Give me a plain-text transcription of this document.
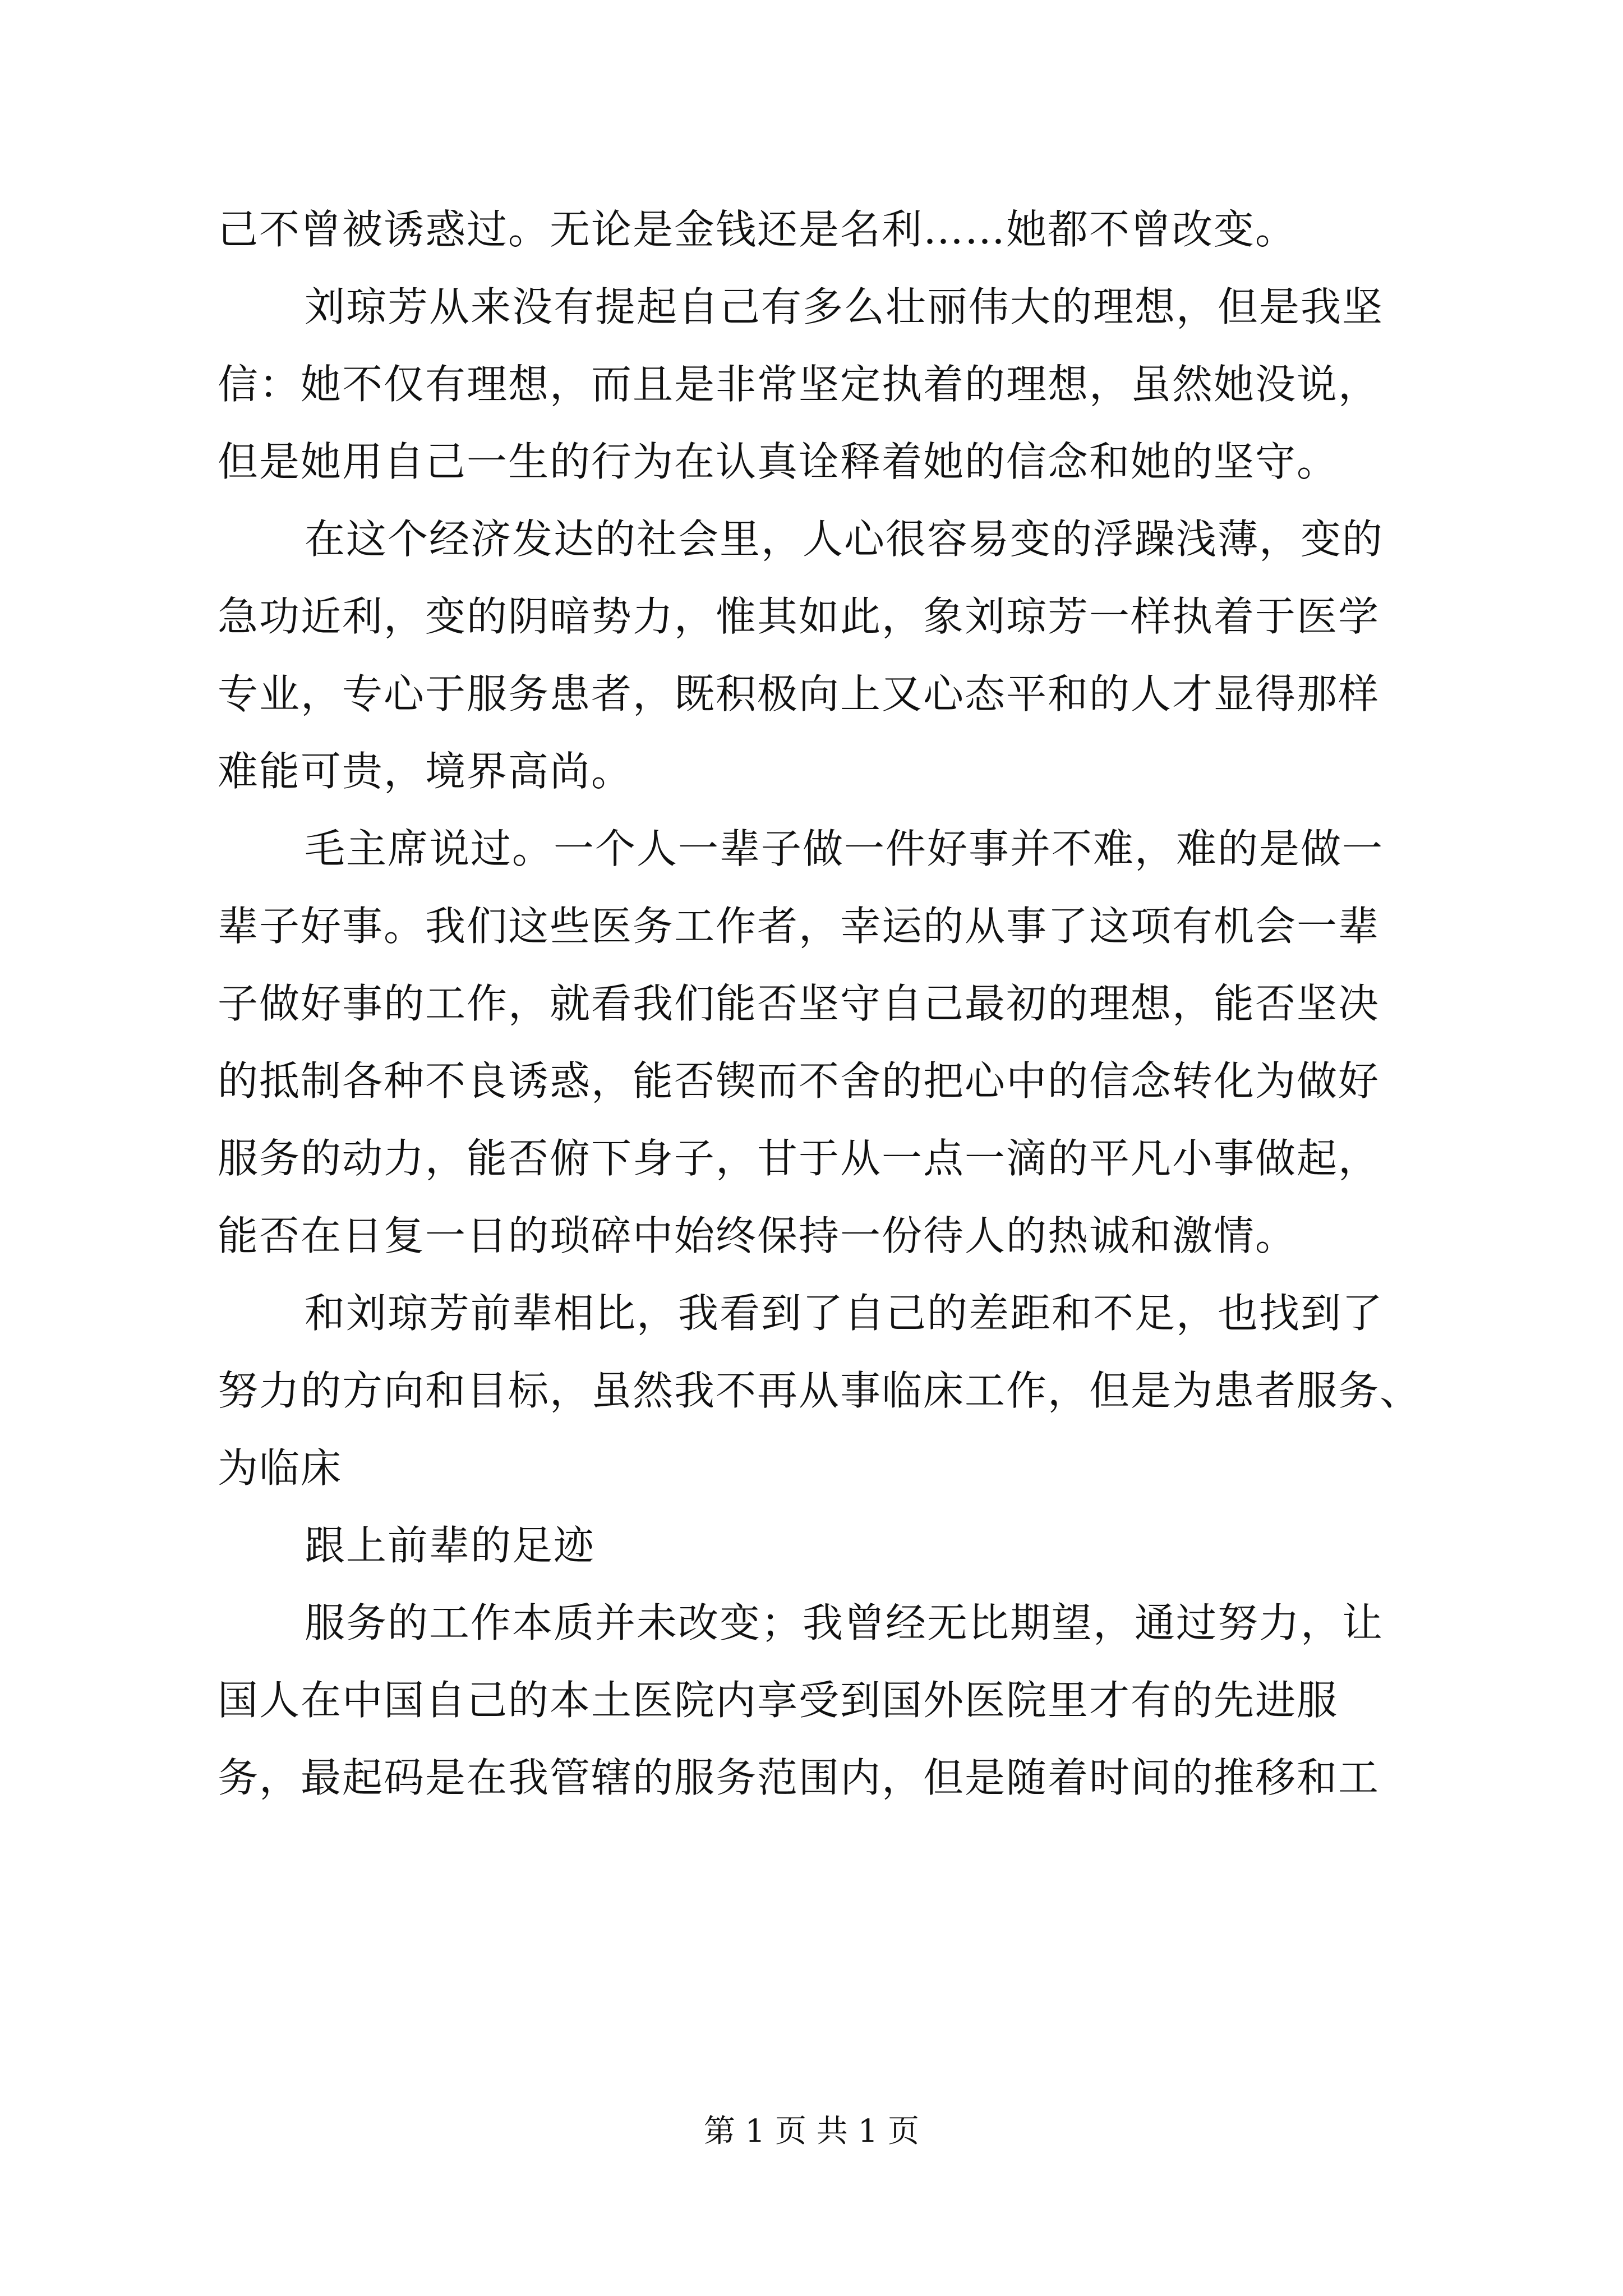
己不曾被诱惑过。无论是金钱还是名利……她都不曾改变。
刘琼芳从来没有提起自己有多么壮丽伟大的理想，但是我坚
信：她不仅有理想，而且是非常坚定执着的理想，虽然她没说，
但是她用自己一生的行为在认真诠释着她的信念和她的坚守。
在这个经济发达的社会里，人心很容易变的浮躁浅薄，变的
急功近利，变的阴暗势力，惟其如此，象刘琼芳一样执着于医学
专业，专心于服务患者，既积极向上又心态平和的人才显得那样
难能可贵，境界高尚。
毛主席说过。一个人一辈子做一件好事并不难，难的是做一
辈子好事。我们这些医务工作者，幸运的从事了这项有机会一辈
子做好事的工作，就看我们能否坚守自己最初的理想，能否坚决
的抵制各种不良诱惑，能否锲而不舍的把心中的信念转化为做好
服务的动力，能否俯下身子，甘于从一点一滴的平凡小事做起，
能否在日复一日的琐碎中始终保持一份待人的热诚和激情。
和刘琼芳前辈相比，我看到了自己的差距和不足，也找到了
努力的方向和目标，虽然我不再从事临床工作，但是为患者服务、
为临床
跟上前辈的足迹
服务的工作本质并未改变；我曾经无比期望，通过努力，让
国人在中国自己的本土医院内享受到国外医院里才有的先进服
务，最起码是在我管辖的服务范围内，但是随着时间的推移和工
第 1 页 共 1 页
